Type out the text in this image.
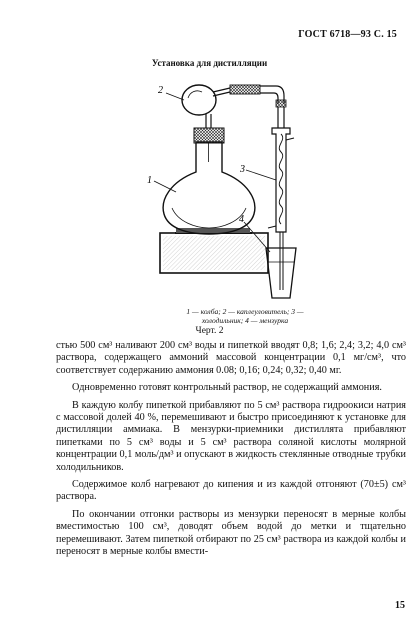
ГОСТ 6718—93 С. 15
Установка для дистилляции
2
1
3
4
1 — колба; 2 — каплеуловитель; 3 —
холодильник; 4 — мензурка
Черт. 2

стью 500 см³ наливают 200 см³ воды и пипеткой вводят 0,8; 1,6; 2,4; 3,2; 4,0 см³ раствора, содержащего аммоний массовой концентрации 0,1 мг/см³, что соответствует содержанию аммония 0.08; 0,16; 0,24; 0,32; 0,40 мг.

Одновременно готовят контрольный раствор, не содержащий аммония.

В каждую колбу пипеткой прибавляют по 5 см³ раствора гидроокиси натрия с массовой долей 40 %, перемешивают и быстро присоединяют к установке для дистилляции аммиака. В мензурки-приемники дистиллята прибавляют пипетками по 5 см³ воды и 5 см³ раствора соляной кислоты молярной концентрации 0,1 моль/дм³ и опускают в жидкость стеклянные отводные трубки холодильников.

Содержимое колб нагревают до кипения и из каждой отгоняют (70±5) см³ раствора.

По окончании отгонки растворы из мензурки переносят в мерные колбы вместимостью 100 см³, доводят объем водой до метки и тщательно перемешивают. Затем пипеткой отбирают по 25 см³ раствора из каждой колбы и переносят в мерные колбы вмести-

15
